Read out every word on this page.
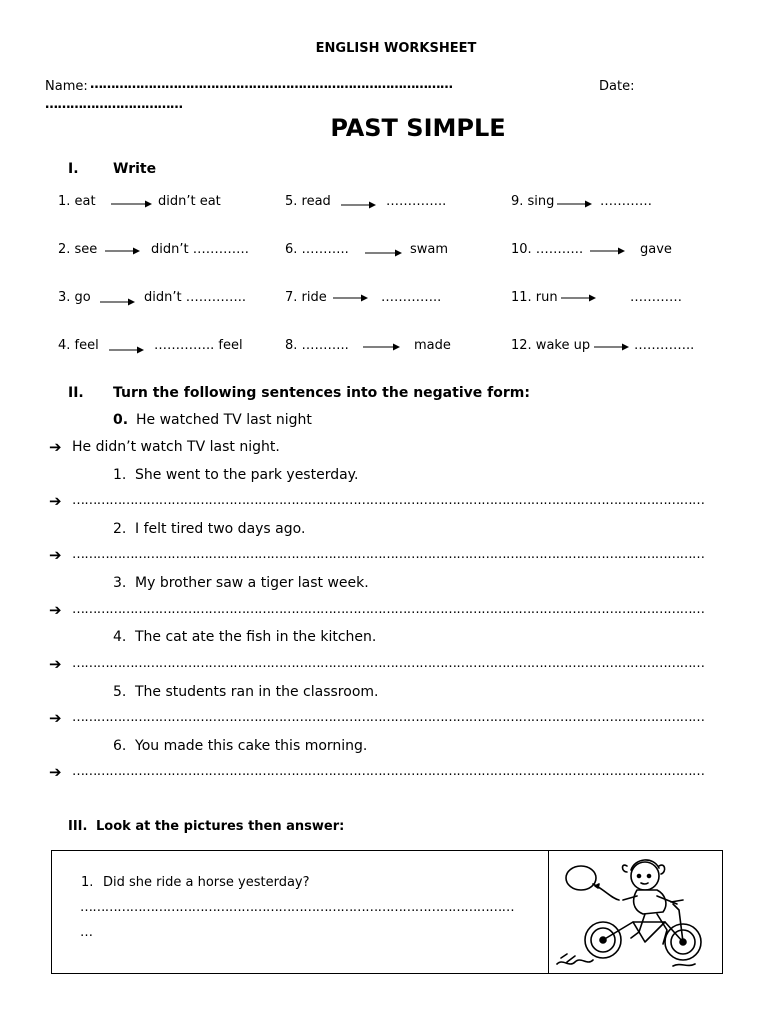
ENGLISH WORKSHEET
Name: ……………………………………………………………………………	Date:
……………………………
PAST SIMPLE
I. Write
1. eat	didn’t eat
2. see	didn’t ………….
3. go	didn’t …………..
4. feel	………….. feel
5. read	…………..
6. ………..	swam
7. ride	…………..
8. ………..	made
9. sing	…………
10. ………..	gave
11. run	…………
12. wake up	…………..
II. Turn the following sentences into the negative form:
0. He watched TV last night
➔ He didn’t watch TV last night.
1. She went to the park yesterday.
➔ ………………………………………………………………………………………………………………………………………
2. I felt tired two days ago.
➔ ………………………………………………………………………………………………………………………………………
3. My brother saw a tiger last week.
➔ ………………………………………………………………………………………………………………………………………
4. The cat ate the fish in the kitchen.
➔ ………………………………………………………………………………………………………………………………………
5. The students ran in the classroom.
➔ ………………………………………………………………………………………………………………………………………
6. You made this cake this morning.
➔ ………………………………………………………………………………………………………………………………………
III. Look at the pictures then answer:
1. Did she ride a horse yesterday?
……………………………………………………………………………………………
…
